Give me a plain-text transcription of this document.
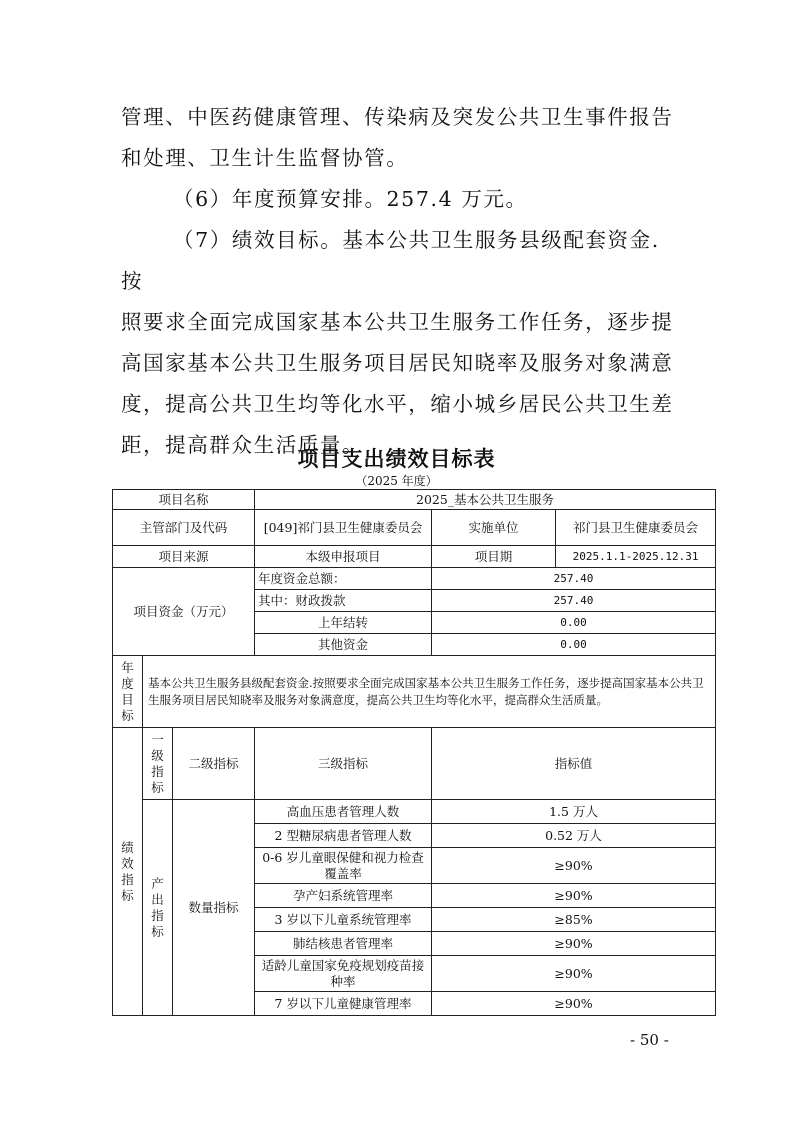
管理、中医药健康管理、传染病及突发公共卫生事件报告和处理、卫生计生监督协管。

（6）年度预算安排。257.4 万元。

（7）绩效目标。基本公共卫生服务县级配套资金.按
照要求全面完成国家基本公共卫生服务工作任务，逐步提高国家基本公共卫生服务项目居民知晓率及服务对象满意度，提高公共卫生均等化水平，缩小城乡居民公共卫生差距，提高群众生活质量。

项目支出绩效目标表
（2025 年度）
项目名称			2025_基本公共卫生服务		
主管部门及代码			[049]祁门县卫生健康委员会	实施单位	祁门县卫生健康委员会
项目来源			本级申报项目	项目期	2025.1.1-2025.12.31
项目资金（万元）			年度资金总额：	257.40	
			其中：财政拨款	257.40	
			上年结转	0.00	
			其他资金	0.00	
年度目标	基本公共卫生服务县级配套资金.按照要求全面完成国家基本公共卫生服务工作任务，逐步提高国家基本公共卫生服务项目居民知晓率及服务对象满意度，提高公共卫生均等化水平，提高群众生活质量。				
绩效指标	一级指标	二级指标	三级指标	指标值	
	产出指标	数量指标	高血压患者管理人数	1.5 万人	
			2 型糖尿病患者管理人数	0.52 万人	
			0-6 岁儿童眼保健和视力检查覆盖率	≥90%	
			孕产妇系统管理率	≥90%	
			3 岁以下儿童系统管理率	≥85%	
			肺结核患者管理率	≥90%	
			适龄儿童国家免疫规划疫苗接种率	≥90%	
			7 岁以下儿童健康管理率	≥90%	
- 50 -
